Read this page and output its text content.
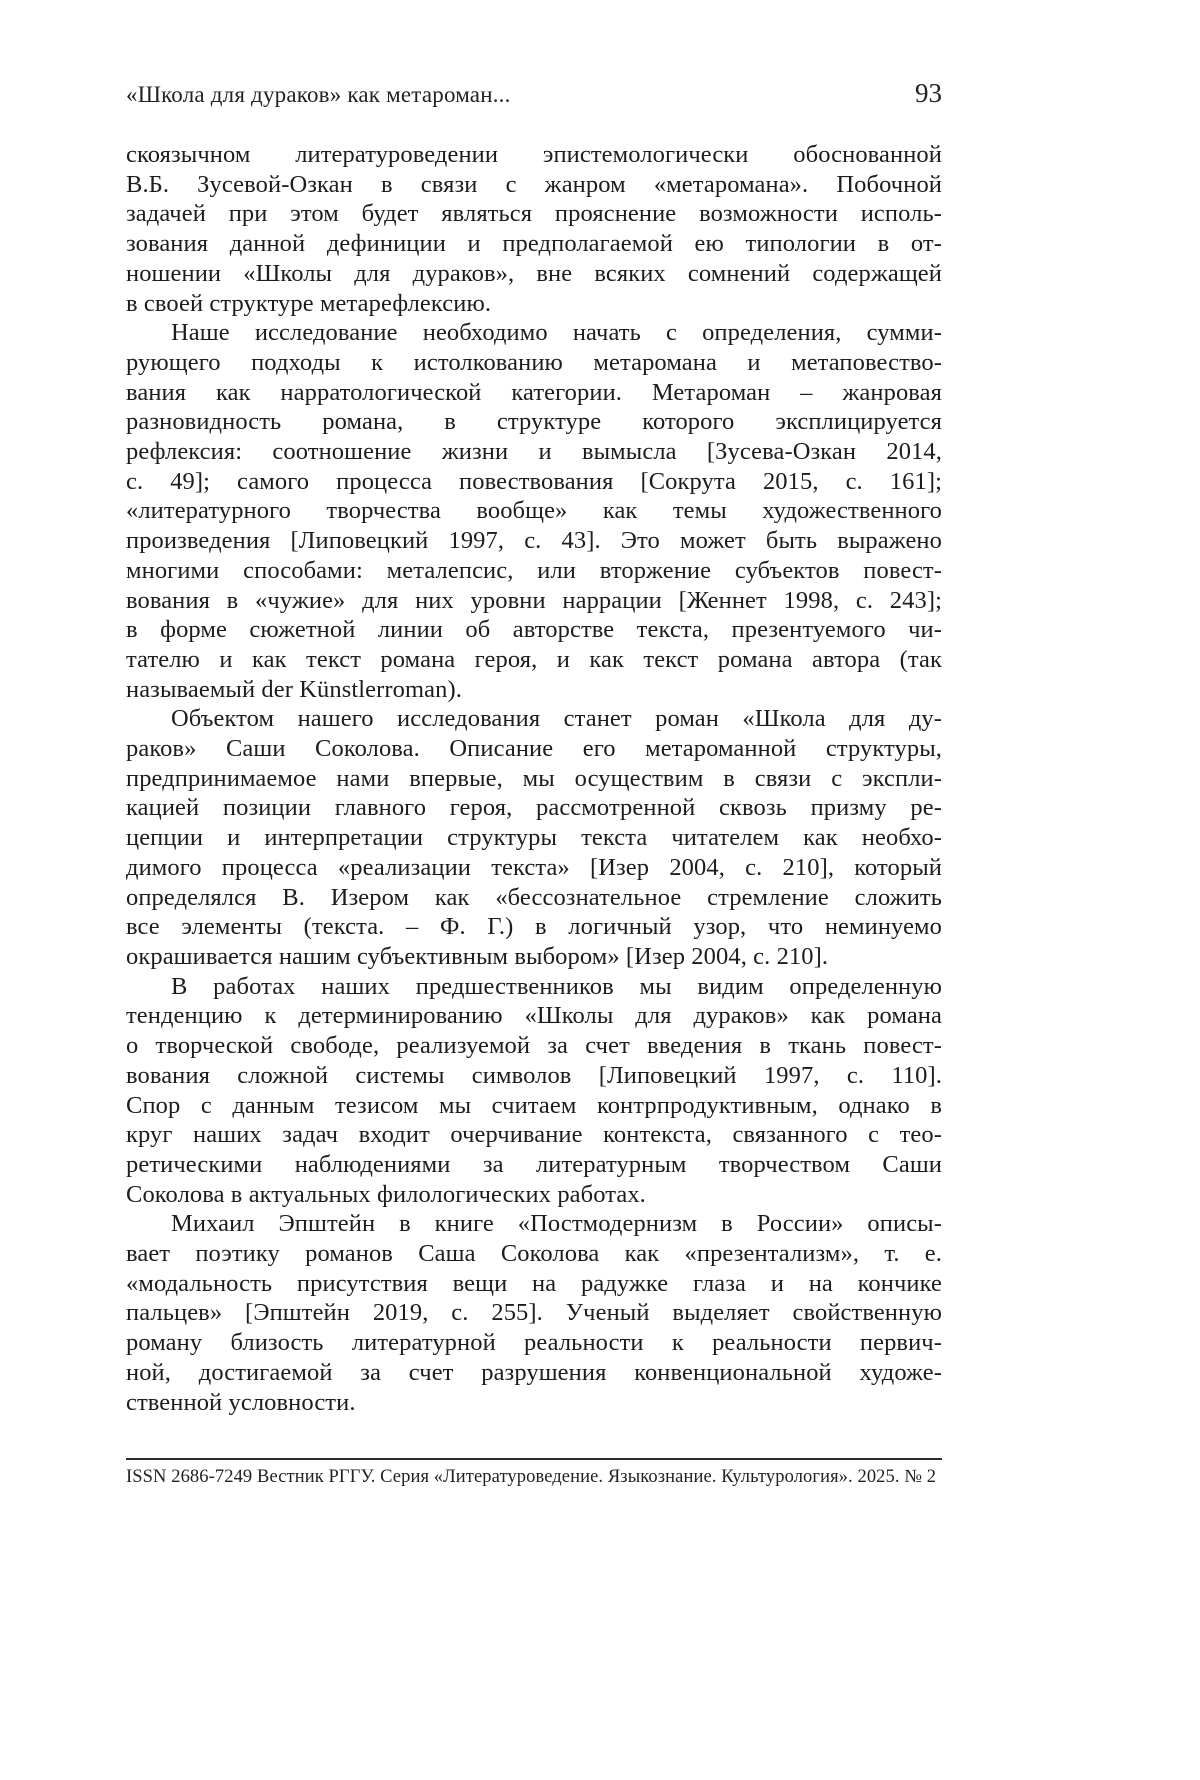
«Школа для дураков» как метароман...	93
скоязычном литературоведении эпистемологически обоснованной
В.Б. Зусевой-Озкан в связи с жанром «метаромана». Побочной
задачей при этом будет являться прояснение возможности исполь-
зования данной дефиниции и предполагаемой ею типологии в от-
ношении «Школы для дураков», вне всяких сомнений содержащей
в своей структуре метарефлексию.
Наше исследование необходимо начать с определения, сумми-
рующего подходы к истолкованию метаромана и метаповество-
вания как нарратологической категории. Метароман – жанровая
разновидность романа, в структуре которого эксплицируется
рефлексия: соотношение жизни и вымысла [Зусева-Озкан 2014,
с. 49]; самого процесса повествования [Сокрута 2015, с. 161];
«литературного творчества вообще» как темы художественного
произведения [Липовецкий 1997, с. 43]. Это может быть выражено
многими способами: металепсис, или вторжение субъектов повест-
вования в «чужие» для них уровни наррации [Женнет 1998, с. 243];
в форме сюжетной линии об авторстве текста, презентуемого чи-
тателю и как текст романа героя, и как текст романа автора (так
называемый der Künstlerroman).
Объектом нашего исследования станет роман «Школа для ду-
раков» Саши Соколова. Описание его метароманной структуры,
предпринимаемое нами впервые, мы осуществим в связи с экспли-
кацией позиции главного героя, рассмотренной сквозь призму ре-
цепции и интерпретации структуры текста читателем как необхо-
димого процесса «реализации текста» [Изер 2004, с. 210], который
определялся В. Изером как «бессознательное стремление сложить
все элементы (текста. – Ф. Г.) в логичный узор, что неминуемо
окрашивается нашим субъективным выбором» [Изер 2004, с. 210].
В работах наших предшественников мы видим определенную
тенденцию к детерминированию «Школы для дураков» как романа
о творческой свободе, реализуемой за счет введения в ткань повест-
вования сложной системы символов [Липовецкий 1997, с. 110].
Спор с данным тезисом мы считаем контрпродуктивным, однако в
круг наших задач входит очерчивание контекста, связанного с тео-
ретическими наблюдениями за литературным творчеством Саши
Соколова в актуальных филологических работах.
Михаил Эпштейн в книге «Постмодернизм в России» описы-
вает поэтику романов Саша Соколова как «презентализм», т. е.
«модальность присутствия вещи на радужке глаза и на кончике
пальцев» [Эпштейн 2019, с. 255]. Ученый выделяет свойственную
роману близость литературной реальности к реальности первич-
ной, достигаемой за счет разрушения конвенциональной художе-
ственной условности.
ISSN 2686-7249 Вестник РГГУ. Серия «Литературоведение. Языкознание. Культурология». 2025. № 2
